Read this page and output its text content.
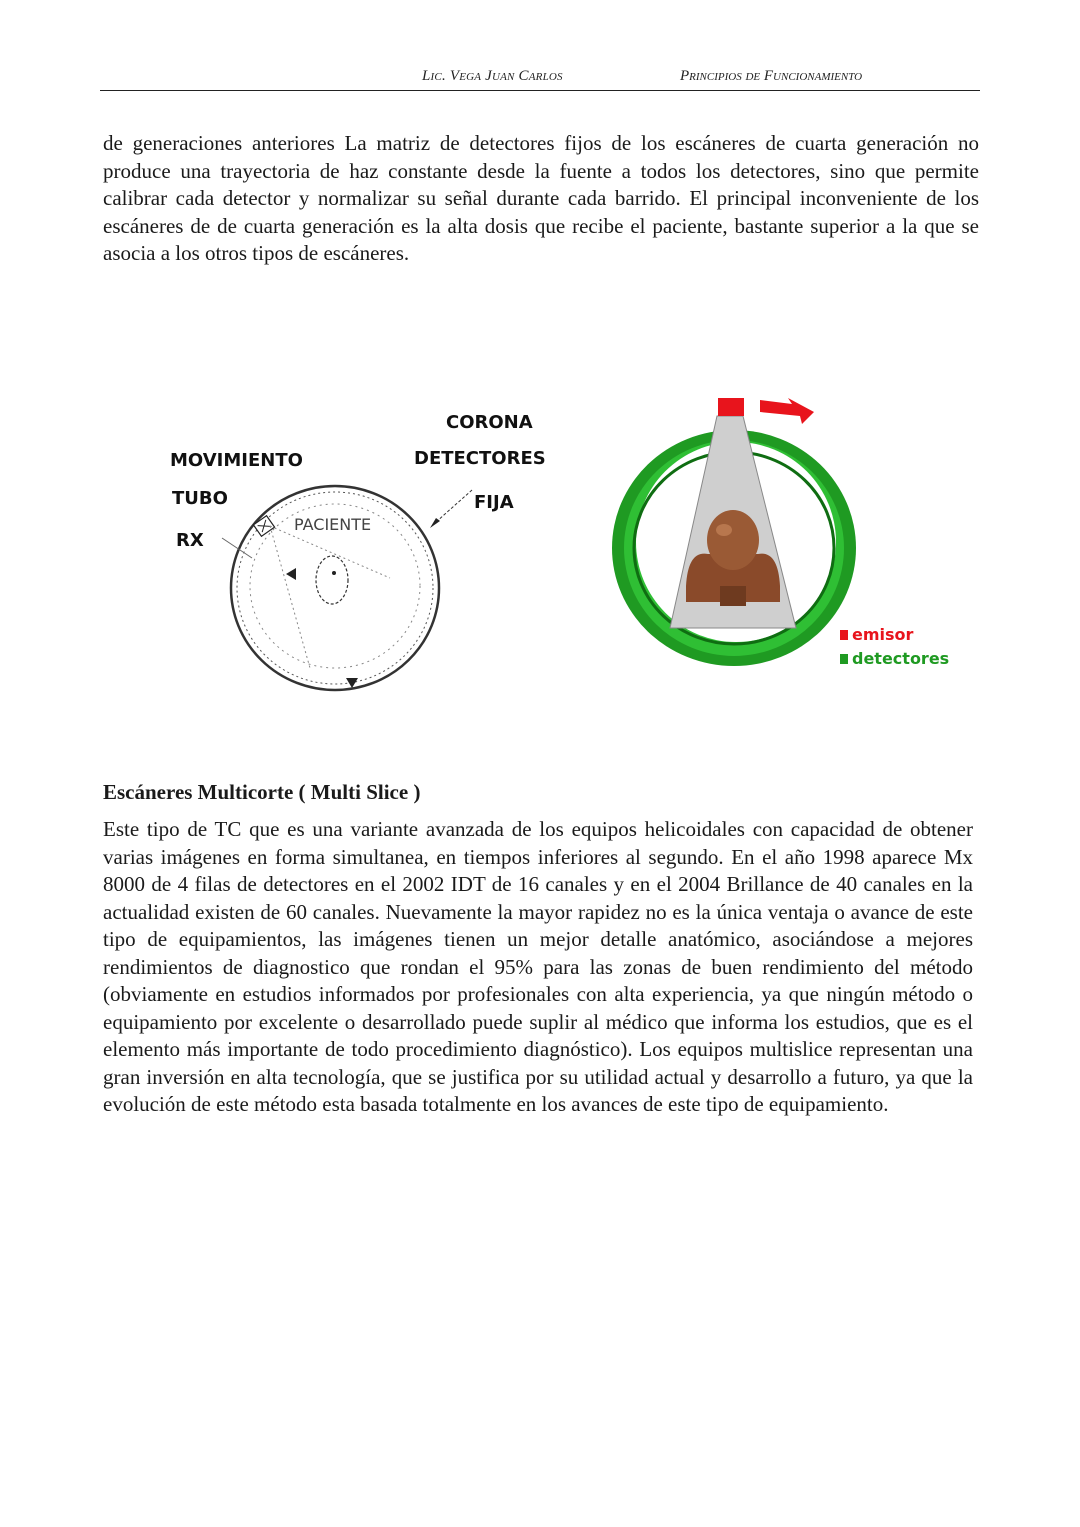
Lic. Vega Juan Carlos	Principios de Funcionamiento

de generaciones anteriores La matriz de detectores fijos de los escáneres de cuarta generación no produce una trayectoria de haz constante desde la fuente a todos los detectores, sino que permite calibrar cada detector y normalizar su señal durante cada barrido. El principal inconveniente de los escáneres de de cuarta generación es la alta dosis que recibe el paciente, bastante superior a la que se asocia a los otros tipos de escáneres.

MOVIMIENTO
TUBO
RX
CORONA
DETECTORES
FIJA
PACIENTE
emisor
detectores
Escáneres Multicorte ( Multi Slice )

Este tipo de TC que es una variante avanzada de los equipos helicoidales con capacidad de obtener varias imágenes en forma simultanea, en tiempos inferiores al segundo. En el año 1998 aparece Mx 8000 de 4 filas de detectores en el 2002 IDT de 16 canales y en el 2004 Brillance de 40 canales en la actualidad existen de 60 canales. Nuevamente la mayor rapidez no es la única ventaja o avance de este tipo de equipamientos, las imágenes tienen un mejor detalle anatómico, asociándose a mejores rendimientos de diagnostico que rondan el 95% para las zonas de buen rendimiento del método (obviamente en estudios informados por profesionales con alta experiencia, ya que ningún método o equipamiento por excelente o desarrollado puede suplir al médico que informa los estudios, que es el elemento más importante de todo procedimiento diagnóstico). Los equipos multislice representan una gran inversión en alta tecnología, que se justifica por su utilidad actual y desarrollo a futuro, ya que la evolución de este método esta basada totalmente en los avances de este tipo de equipamiento.
